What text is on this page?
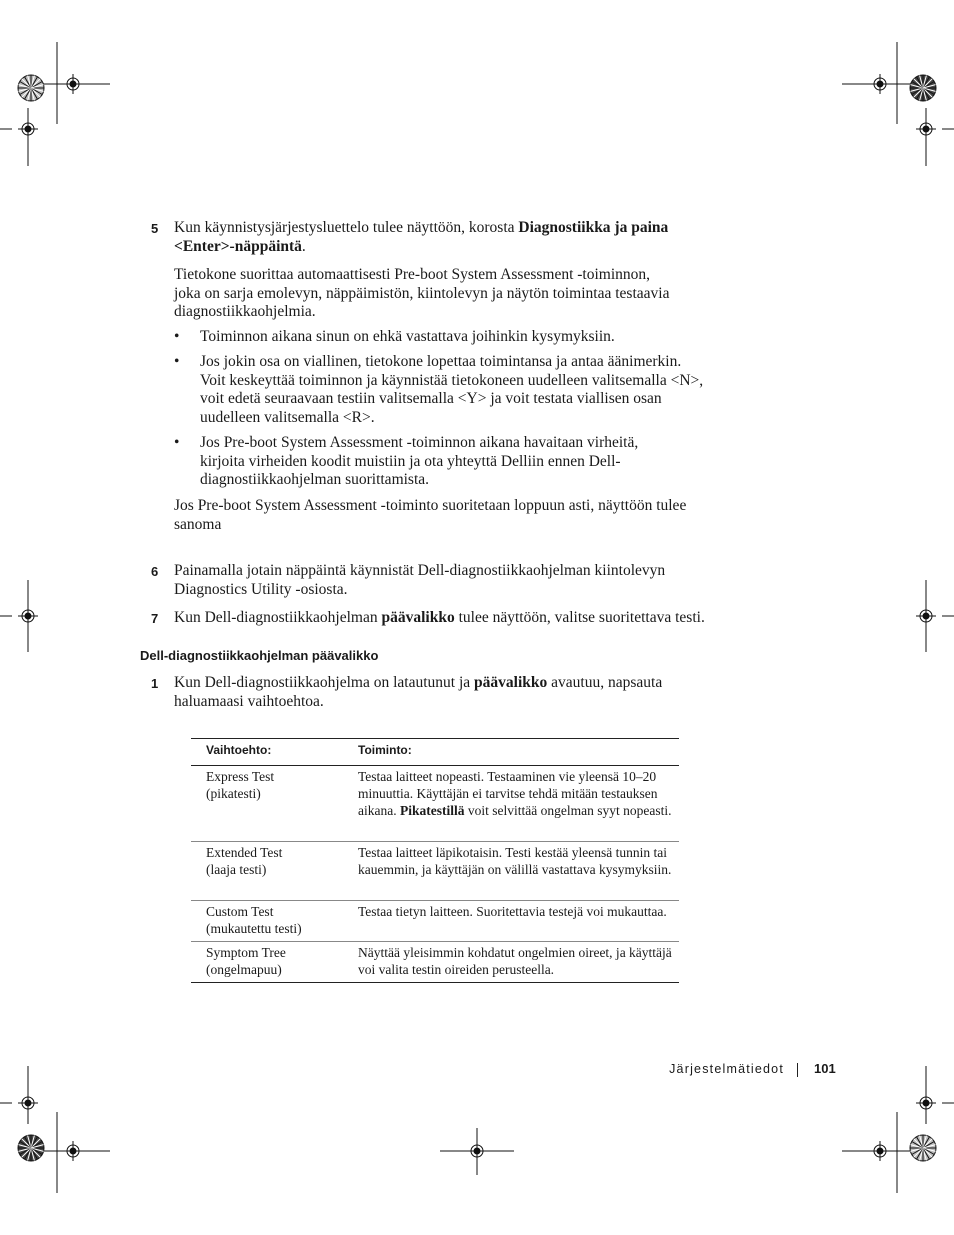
5 Kun käynnistysjärjestysluettelo tulee näyttöön, korosta Diagnostiikka ja paina
<Enter>-näppäintä.
Tietokone suorittaa automaattisesti Pre-boot System Assessment -toiminnon,
joka on sarja emolevyn, näppäimistön, kiintolevyn ja näytön toimintaa testaavia
diagnostiikkaohjelmia.
• Toiminnon aikana sinun on ehkä vastattava joihinkin kysymyksiin.
• Jos jokin osa on viallinen, tietokone lopettaa toimintansa ja antaa äänimerkin.
Voit keskeyttää toiminnon ja käynnistää tietokoneen uudelleen valitsemalla <N>,
voit edetä seuraavaan testiin valitsemalla <Y> ja voit testata viallisen osan
uudelleen valitsemalla <R>.
• Jos Pre-boot System Assessment -toiminnon aikana havaitaan virheitä,
kirjoita virheiden koodit muistiin ja ota yhteyttä Delliin ennen Dell-
diagnostiikkaohjelman suorittamista.
Jos Pre-boot System Assessment -toiminto suoritetaan loppuun asti, näyttöön tulee
sanoma
6 Painamalla jotain näppäintä käynnistät Dell-diagnostiikkaohjelman kiintolevyn
Diagnostics Utility -osiosta.
7 Kun Dell-diagnostiikkaohjelman päävalikko tulee näyttöön, valitse suoritettava testi.
Dell-diagnostiikkaohjelman päävalikko
1 Kun Dell-diagnostiikkaohjelma on latautunut ja päävalikko avautuu, napsauta
haluamaasi vaihtoehtoa.
Vaihtoehto:	Toiminto:
Express Test
(pikatesti)	Testaa laitteet nopeasti. Testaaminen vie yleensä 10–20 minuuttia. Käyttäjän ei tarvitse tehdä mitään testauksen aikana. Pikatestillä voit selvittää ongelman syyt nopeasti.
Extended Test
(laaja testi)	Testaa laitteet läpikotaisin. Testi kestää yleensä tunnin tai kauemmin, ja käyttäjän on välillä vastattava kysymyksiin.
Custom Test
(mukautettu testi)	Testaa tietyn laitteen. Suoritettavia testejä voi mukauttaa.
Symptom Tree
(ongelmapuu)	Näyttää yleisimmin kohdatut ongelmien oireet, ja käyttäjä voi valita testin oireiden perusteella.
Järjestelmätiedot 101
